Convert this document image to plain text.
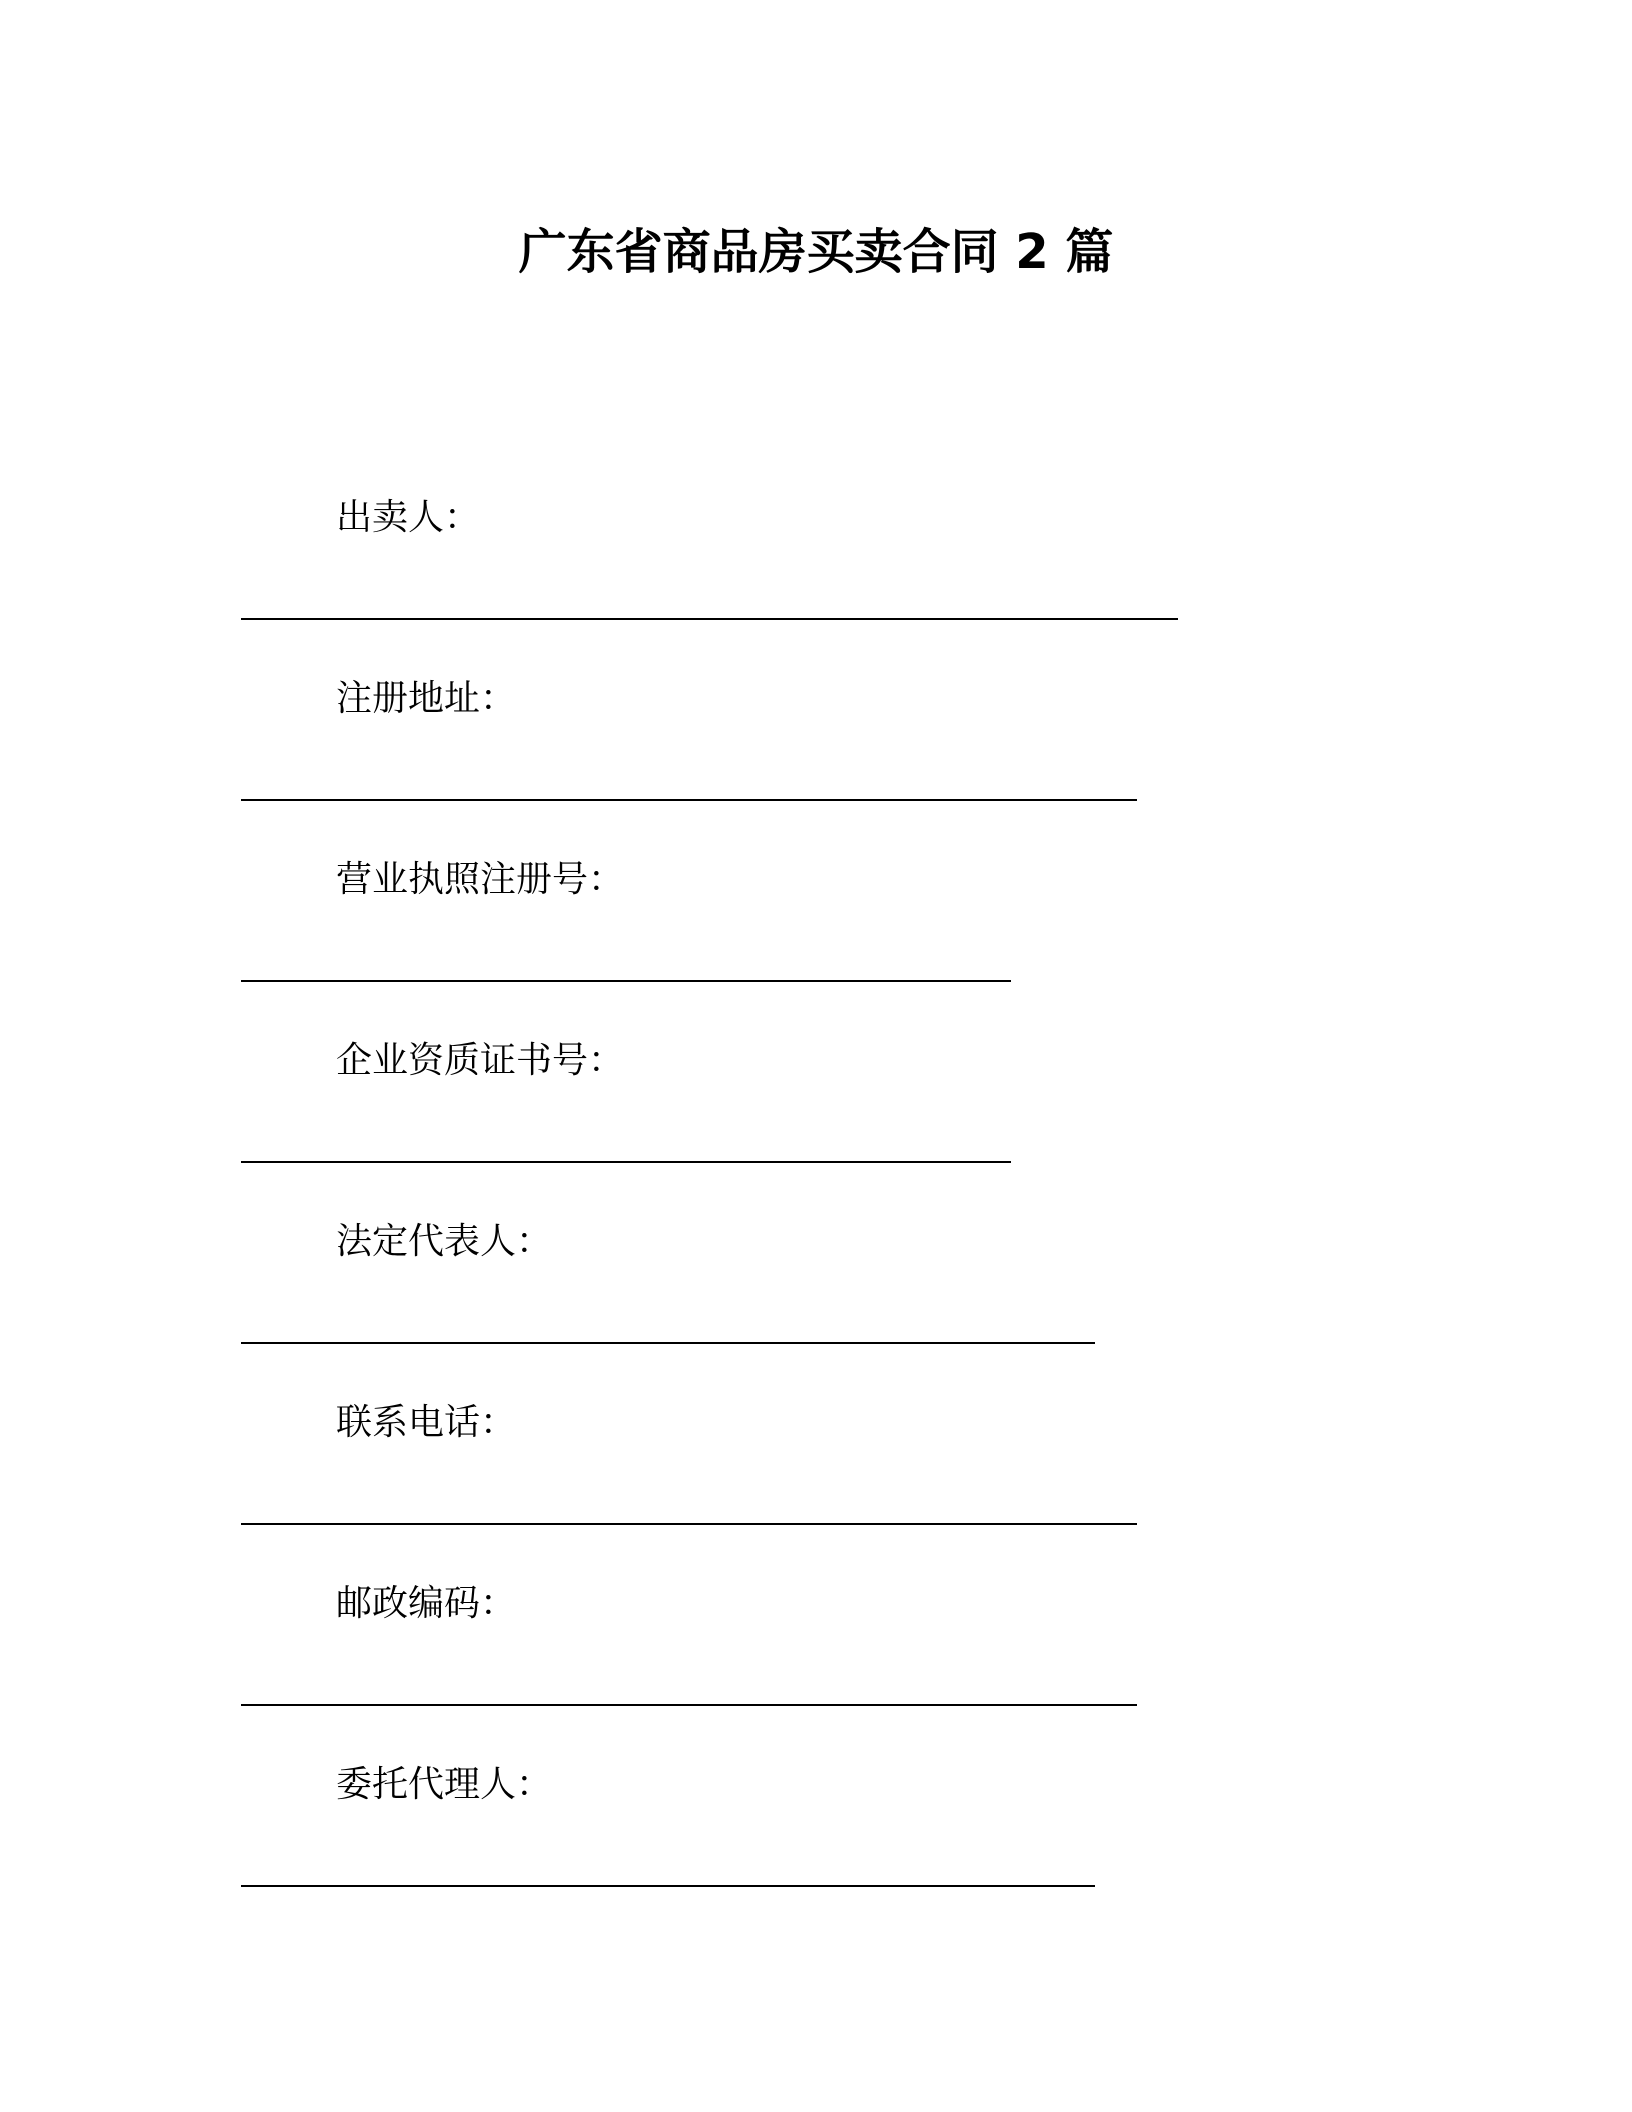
广东省商品房买卖合同 2 篇
出卖人：
注册地址：
营业执照注册号：
企业资质证书号：
法定代表人：
联系电话：
邮政编码：
委托代理人：
